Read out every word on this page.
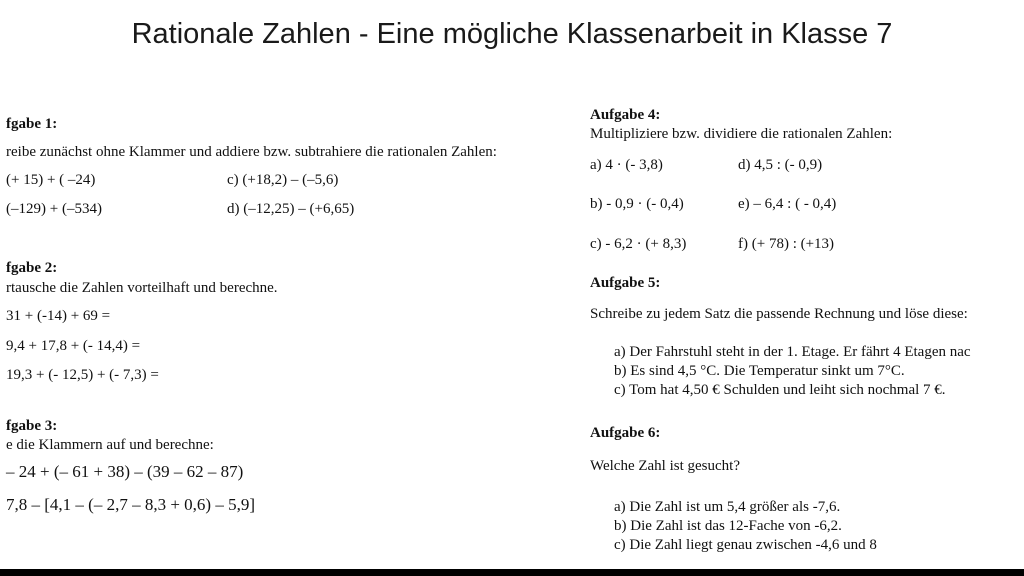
Rationale Zahlen - Eine mögliche Klassenarbeit in Klasse 7
fgabe 1:
reibe zunächst ohne Klammer und addiere bzw. subtrahiere die rationalen Zahlen:
(+ 15) + ( –24)	c) (+18,2) – (–5,6)
(–129) + (–534)	d) (–12,25) – (+6,65)
fgabe 2:
rtausche die Zahlen vorteilhaft und berechne.
31 + (-14) + 69 =
9,4 + 17,8 + (- 14,4) =
19,3 + (- 12,5) + (- 7,3) =
fgabe 3:
e die Klammern auf und berechne:
– 24 + (– 61 + 38) – (39 – 62 – 87)
7,8 – [4,1 – (– 2,7 – 8,3 + 0,6) – 5,9]
Aufgabe 4:
Multipliziere bzw. dividiere die rationalen Zahlen:
a) 4 · (- 3,8)	d) 4,5 : (- 0,9)
b) - 0,9 · (- 0,4)	e) – 6,4 : ( - 0,4)
c) - 6,2 · (+ 8,3)	f) (+ 78) : (+13)
Aufgabe 5:
Schreibe zu jedem Satz die passende Rechnung und löse diese:
a) Der Fahrstuhl steht in der 1. Etage. Er fährt 4 Etagen nac
b) Es sind 4,5 °C. Die Temperatur sinkt um 7°C.
c) Tom hat 4,50 € Schulden und leiht sich nochmal 7 €.
Aufgabe 6:
Welche Zahl ist gesucht?
a) Die Zahl ist um 5,4 größer als -7,6.
b) Die Zahl ist das 12-Fache von -6,2.
c) Die Zahl liegt genau zwischen -4,6 und 8
